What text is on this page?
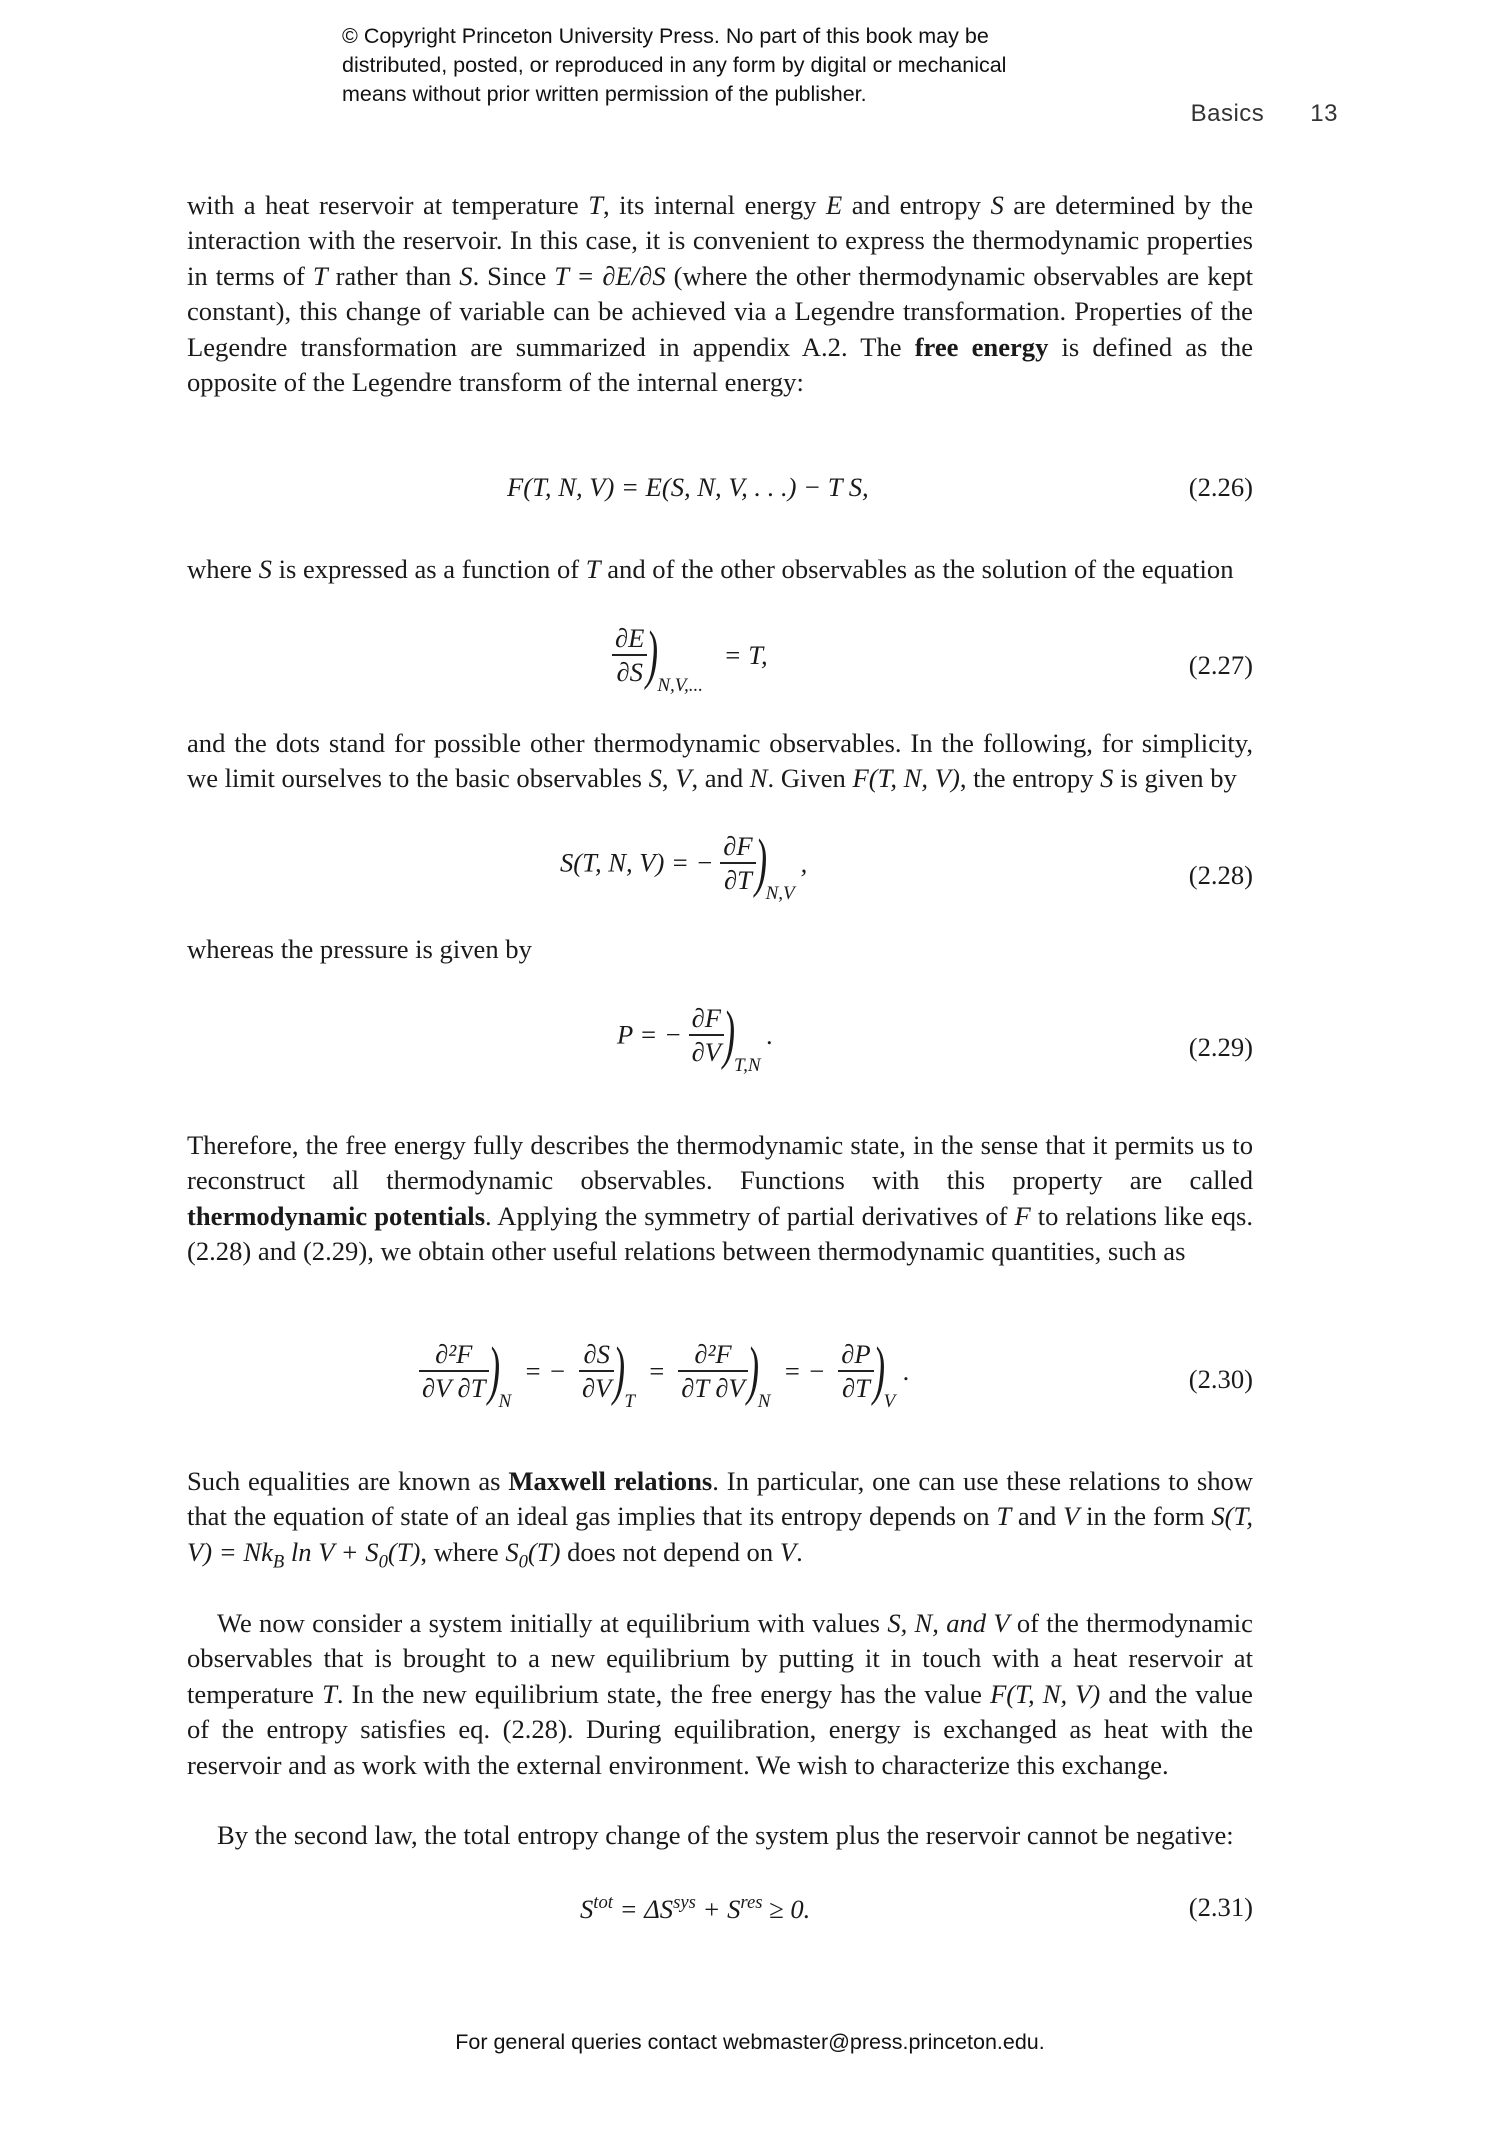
© Copyright Princeton University Press. No part of this book may be
distributed, posted, or reproduced in any form by digital or mechanical
means without prior written permission of the publisher.
Basics 13

with a heat reservoir at temperature T, its internal energy E and entropy S are determined by the interaction with the reservoir. In this case, it is convenient to express the thermodynamic properties in terms of T rather than S. Since T = ∂E/∂S (where the other thermodynamic observables are kept constant), this change of variable can be achieved via a Legendre transformation. Properties of the Legendre transformation are summarized in appendix A.2. The free energy is defined as the opposite of the Legendre transform of the internal energy:

F(T, N, V) = E(S, N, V, . . .) − T S,	(2.26)

where S is expressed as a function of T and of the other observables as the solution of the equation

$\frac{\partial E}{\partial S}$
)N,V,... = T,	(2.27)

and the dots stand for possible other thermodynamic observables. In the following, for simplicity, we limit ourselves to the basic observables S, V, and N. Given F(T, N, V), the entropy S is given by

S(T, N, V) = − $\frac{\partial F}{\partial T}$
)N,V,	(2.28)

whereas the pressure is given by

P = − $\frac{\partial F}{\partial V}$
)T,N.	(2.29)

Therefore, the free energy fully describes the thermodynamic state, in the sense that it permits us to reconstruct all thermodynamic observables. Functions with this property are called thermodynamic potentials. Applying the symmetry of partial derivatives of F to relations like eqs. (2.28) and (2.29), we obtain other useful relations between thermodynamic quantities, such as

$\frac{\text{∂²F}}{\partial V \partial T}$
)N = − $\frac{\partial S}{\partial V}$
)$T = \frac{\text{∂²F}}{\partial T \partial V}$
)N = − $\frac{\partial P}{\partial T}$
)V.	(2.30)

Such equalities are known as Maxwell relations. In particular, one can use these relations to show that the equation of state of an ideal gas implies that its entropy depends on T and V in the form S(T, $V) = Nk_B$ $\ln V + S_0(T)$, where $S_0(T)$ does not depend on V.

We now consider a system initially at equilibrium with values S, N, and V of the thermodynamic observables that is brought to a new equilibrium by putting it in touch with a heat reservoir at temperature T. In the new equilibrium state, the free energy has the value F(T, N, V) and the value of the entropy satisfies eq. (2.28). During equilibration, energy is exchanged as heat with the reservoir and as work with the external environment. We wish to characterize this exchange.

By the second law, the total entropy change of the system plus the reservoir cannot be negative:

$S^{tot} = \Delta S^{sys} + S^{res} \ge 0$.	(2.31)
For general queries contact webmaster@press.princeton.edu.
